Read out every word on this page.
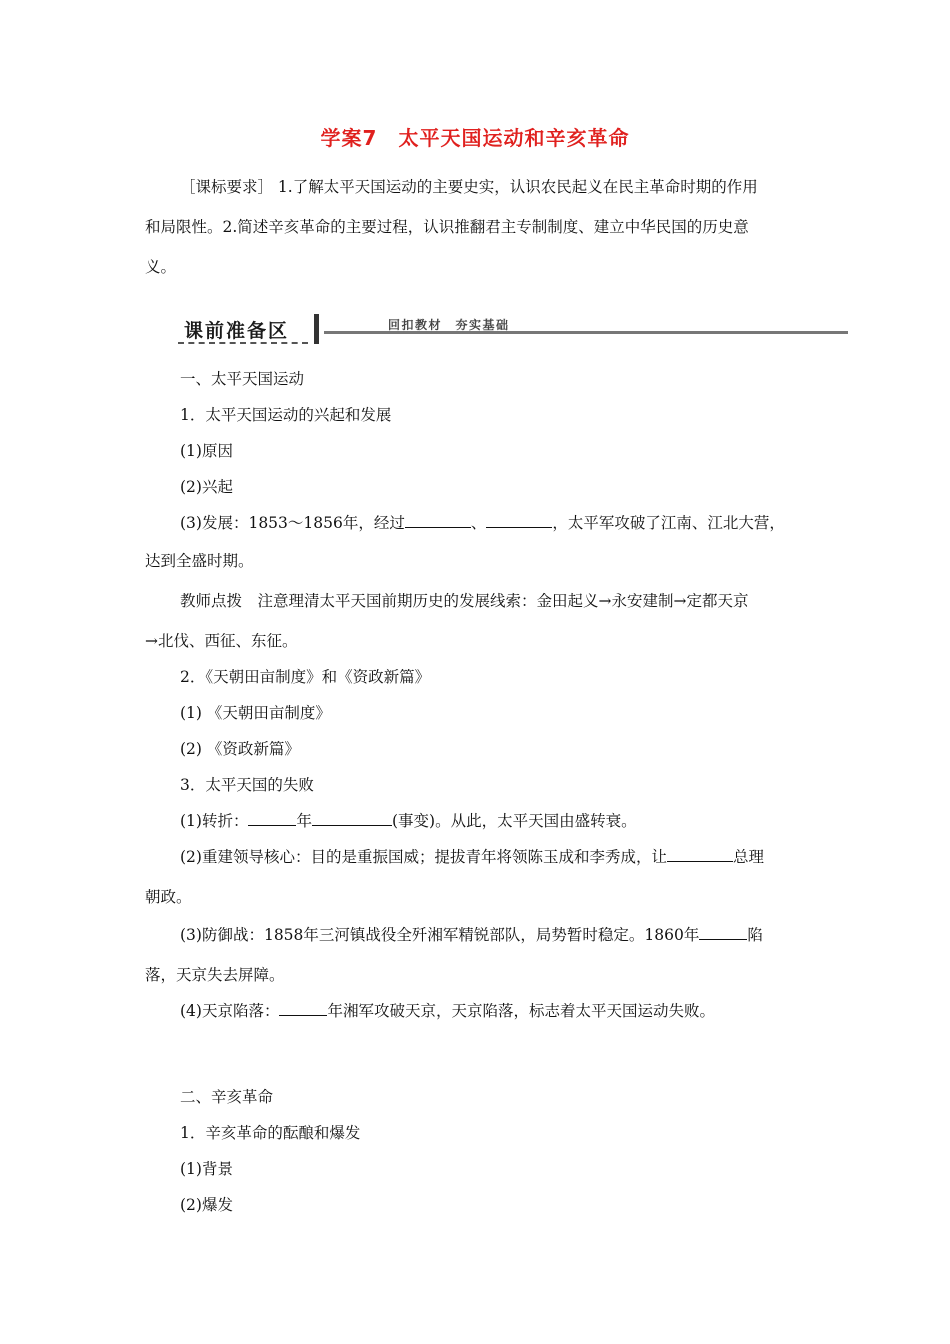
学案7　太平天国运动和辛亥革命
［课标要求］ 1.了解太平天国运动的主要史实，认识农民起义在民主革命时期的作用
和局限性。2.简述辛亥革命的主要过程，认识推翻君主专制制度、建立中华民国的历史意
义。
课前准备区	回扣教材　夯实基础
一、太平天国运动
1．太平天国运动的兴起和发展
(1)原因
(2)兴起
(3)发展：1853～1856年，经过	、	，太平军攻破了江南、江北大营，
达到全盛时期。
教师点拨　注意理清太平天国前期历史的发展线索：金田起义→永安建制→定都天京
→北伐、西征、东征。
2．《天朝田亩制度》和《资政新篇》
(1) 《天朝田亩制度》
(2) 《资政新篇》
3．太平天国的失败
(1)转折：	年	(事变)。从此，太平天国由盛转衰。
(2)重建领导核心：目的是重振国威；提拔青年将领陈玉成和李秀成，让	总理
朝政。
(3)防御战：1858年三河镇战役全歼湘军精锐部队，局势暂时稳定。1860年	陷
落，天京失去屏障。
(4)天京陷落：	年湘军攻破天京，天京陷落，标志着太平天国运动失败。
二、辛亥革命
1．辛亥革命的酝酿和爆发
(1)背景
(2)爆发
